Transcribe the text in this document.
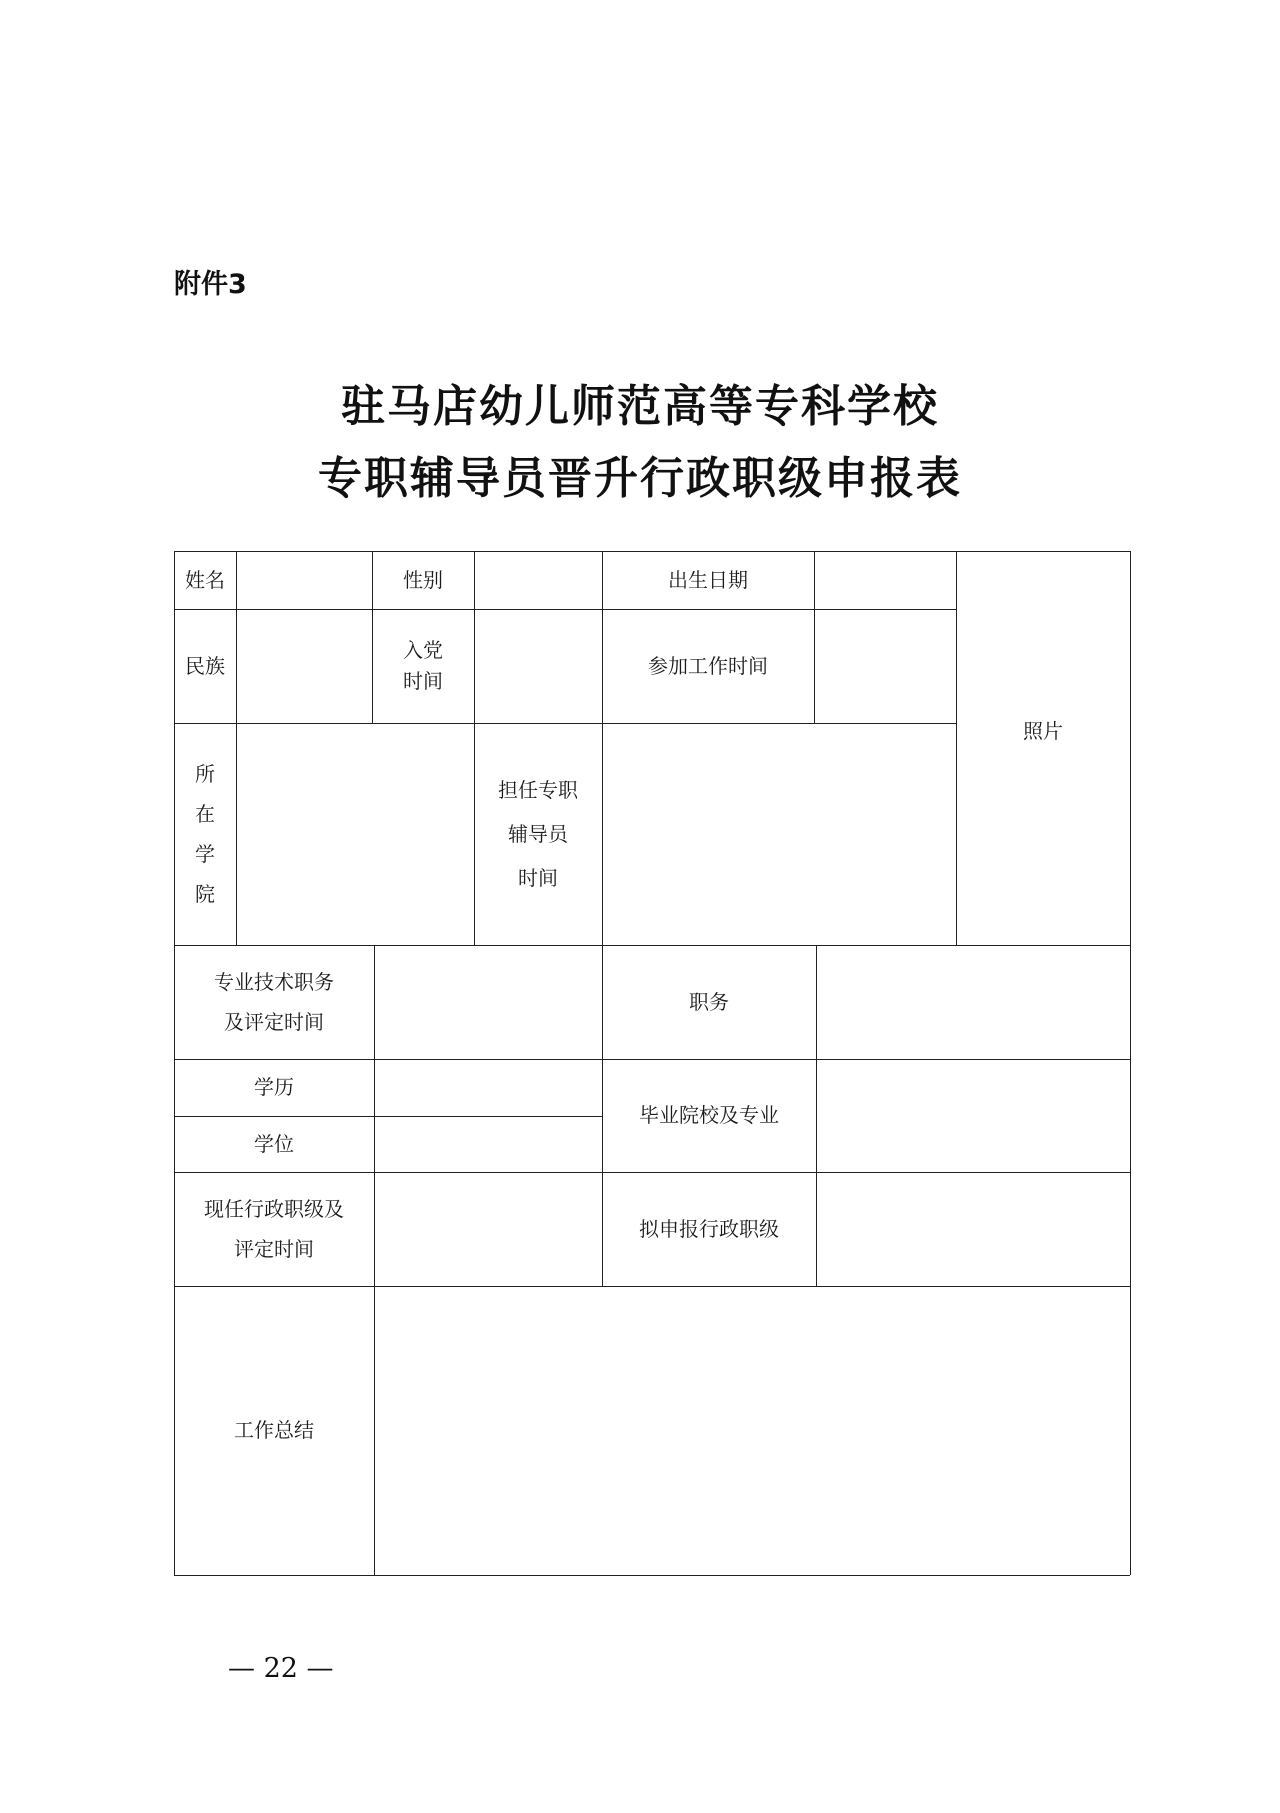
附件3
驻马店幼儿师范高等专科学校
专职辅导员晋升行政职级申报表
姓名	性别	出生日期
民族
入党
时间
参加工作时间
照片
所
在
学
院
担任专职
辅导员
时间
专业技术职务
及评定时间
职务
学历
学位
毕业院校及专业
现任行政职级及
评定时间
拟申报行政职级
工作总结
— 22 —
